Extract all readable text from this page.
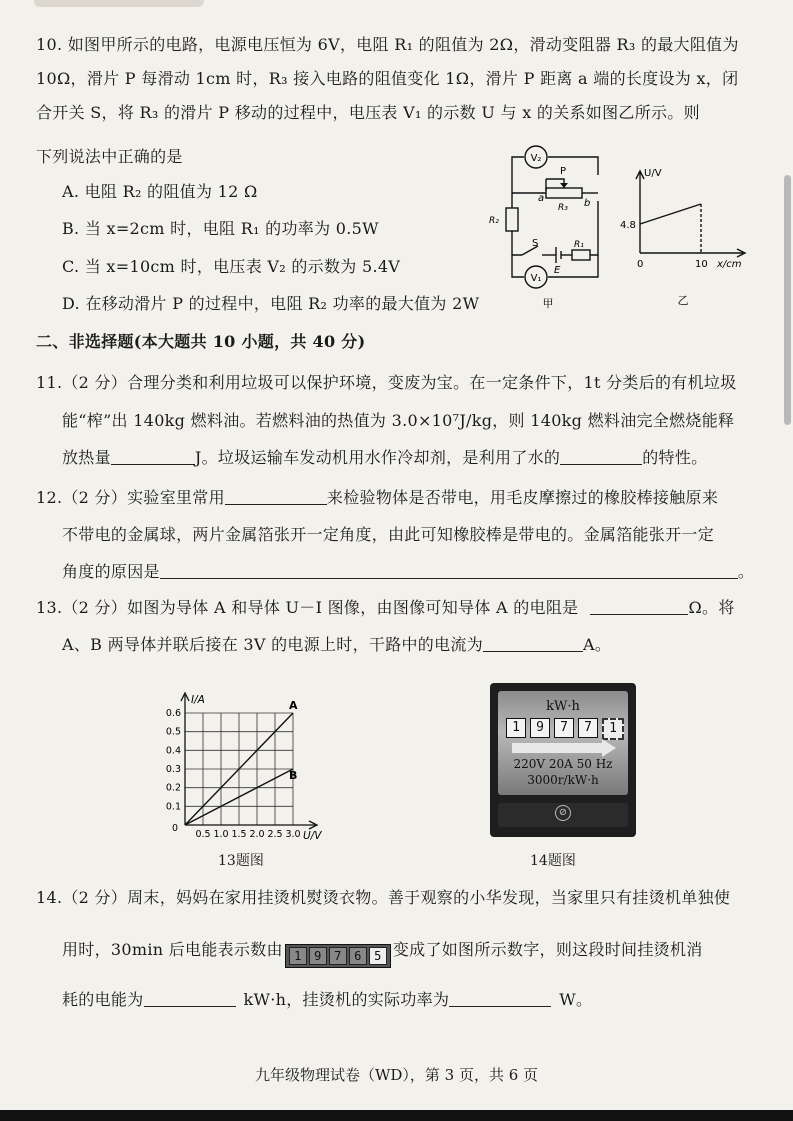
10. 如图甲所示的电路，电源电压恒为 6V，电阻 R₁ 的阻值为 2Ω，滑动变阻器 R₃ 的最大阻值为
10Ω，滑片 P 每滑动 1cm 时，R₃ 接入电路的阻值变化 1Ω，滑片 P 距离 a 端的长度设为 x，闭
合开关 S，将 R₃ 的滑片 P 移动的过程中，电压表 V₁ 的示数 U 与 x 的关系如图乙所示。则
下列说法中正确的是
A. 电阻 R₂ 的阻值为 12 Ω
B. 当 x=2cm 时，电阻 R₁ 的功率为 0.5W
C. 当 x=10cm 时，电压表 V₂ 的示数为 5.4V
D. 在移动滑片 P 的过程中，电阻 R₂ 功率的最大值为 2W
V₂
V₁
P
a	b
R₃
R₂
R₁
S
E
甲
U/V
4.8
0	10 x/cm
乙
二、非选择题(本大题共 10 小题，共 40 分)
11.（2 分）合理分类和利用垃圾可以保护环境，变废为宝。在一定条件下，1t 分类后的有机垃圾
能“榨”出 140kg 燃料油。若燃料油的热值为 3.0×10⁷J/kg，则 140kg 燃料油完全燃烧能释
放热量	J。垃圾运输车发动机用水作冷却剂，是利用了水的	的特性。
12.（2 分）实验室里常用	来检验物体是否带电，用毛皮摩擦过的橡胶棒接触原来
不带电的金属球，两片金属箔张开一定角度，由此可知橡胶棒是带电的。金属箔能张开一定
角度的原因是	。
13.（2 分）如图为导体 A 和导体 U－I 图像，由图像可知导体 A 的电阻是	Ω。将
A、B 两导体并联后接在 3V 的电源上时，干路中的电流为	A。
0.5 1.0 1.5 2.0 2.5 3.0
0.1
0.2
0.3
0.4
0.5
0.6
0
I/A
U/V
A
B
13题图
kW·h
1	9	7	7	1
220V 20A 50 Hz
3000r/kW·h
⊘
14题图
14.（2 分）周末，妈妈在家用挂烫机熨烫衣物。善于观察的小华发现，当家里只有挂烫机单独使
用时，30min 后电能表示数由 1	9	7	6	5 变成了如图所示数字，则这段时间挂烫机消
耗的电能为	kW·h，挂烫机的实际功率为	W。
九年级物理试卷（WD），第 3 页，共 6 页
